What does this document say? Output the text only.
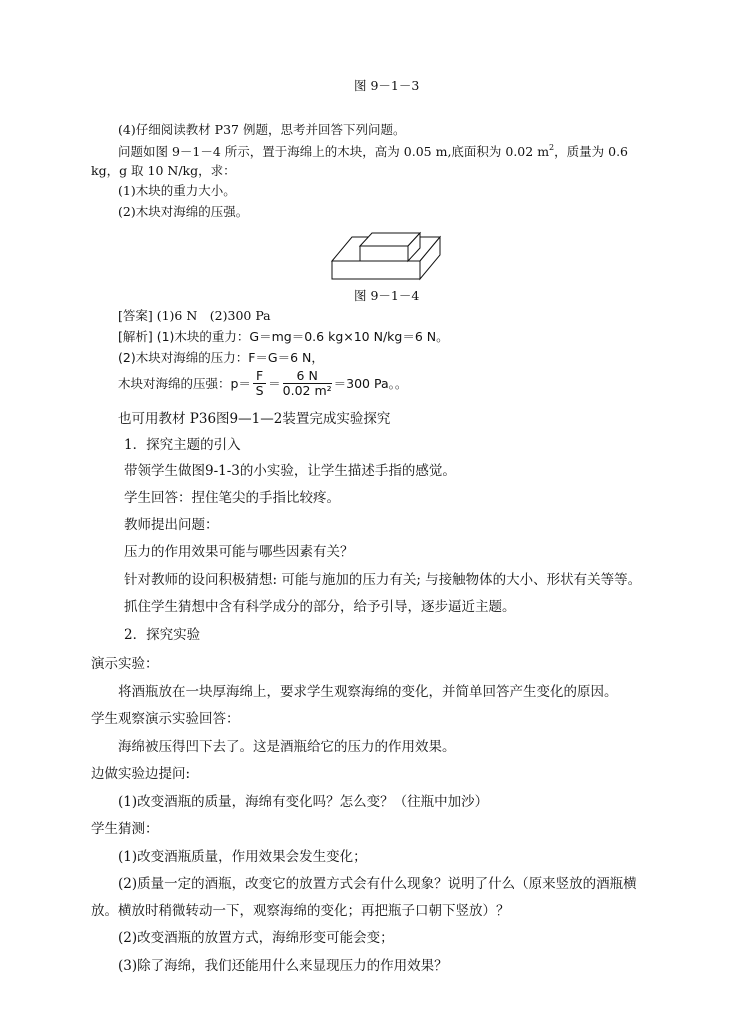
图 9－1－3
(4)仔细阅读教材 P37 例题，思考并回答下列问题。
问题如图 9－1－4 所示，置于海绵上的木块，高为 0.05 m,底面积为 0.02 $m^2$，质量为 0.6
kg，g 取 10 N/kg，求：
(1)木块的重力大小。
(2)木块对海绵的压强。
图 9－1－4
[答案] (1)6 N　(2)300 Pa
[解析] (1)木块的重力：G＝mg＝0.6 kg×10 N/kg＝6 N。
(2)木块对海绵的压力：F＝G＝6 N，
木块对海绵的压强：$p= \frac{F}{S} = \frac{6 N}{\text{0.02 m²}} =300$ Pa。。
也可用教材 P36图9—1—2装置完成实验探究
1．探究主题的引入
带领学生做图9-1-3的小实验，让学生描述手指的感觉。
学生回答：捏住笔尖的手指比较疼。
教师提出问题：
压力的作用效果可能与哪些因素有关？
针对教师的设问积极猜想: 可能与施加的压力有关; 与接触物体的大小、形状有关等等。
抓住学生猜想中含有科学成分的部分，给予引导，逐步逼近主题。
2．探究实验
演示实验：
将酒瓶放在一块厚海绵上，要求学生观察海绵的变化，并简单回答产生变化的原因。
学生观察演示实验回答：
海绵被压得凹下去了。这是酒瓶给它的压力的作用效果。
边做实验边提问:
(1)改变酒瓶的质量，海绵有变化吗？怎么变？（往瓶中加沙）
学生猜测：
(1)改变酒瓶质量，作用效果会发生变化；
(2)质量一定的酒瓶，改变它的放置方式会有什么现象？说明了什么（原来竖放的酒瓶横
放。横放时稍微转动一下，观察海绵的变化；再把瓶子口朝下竖放）？
(2)改变酒瓶的放置方式，海绵形变可能会变；
(3)除了海绵，我们还能用什么来显现压力的作用效果？
